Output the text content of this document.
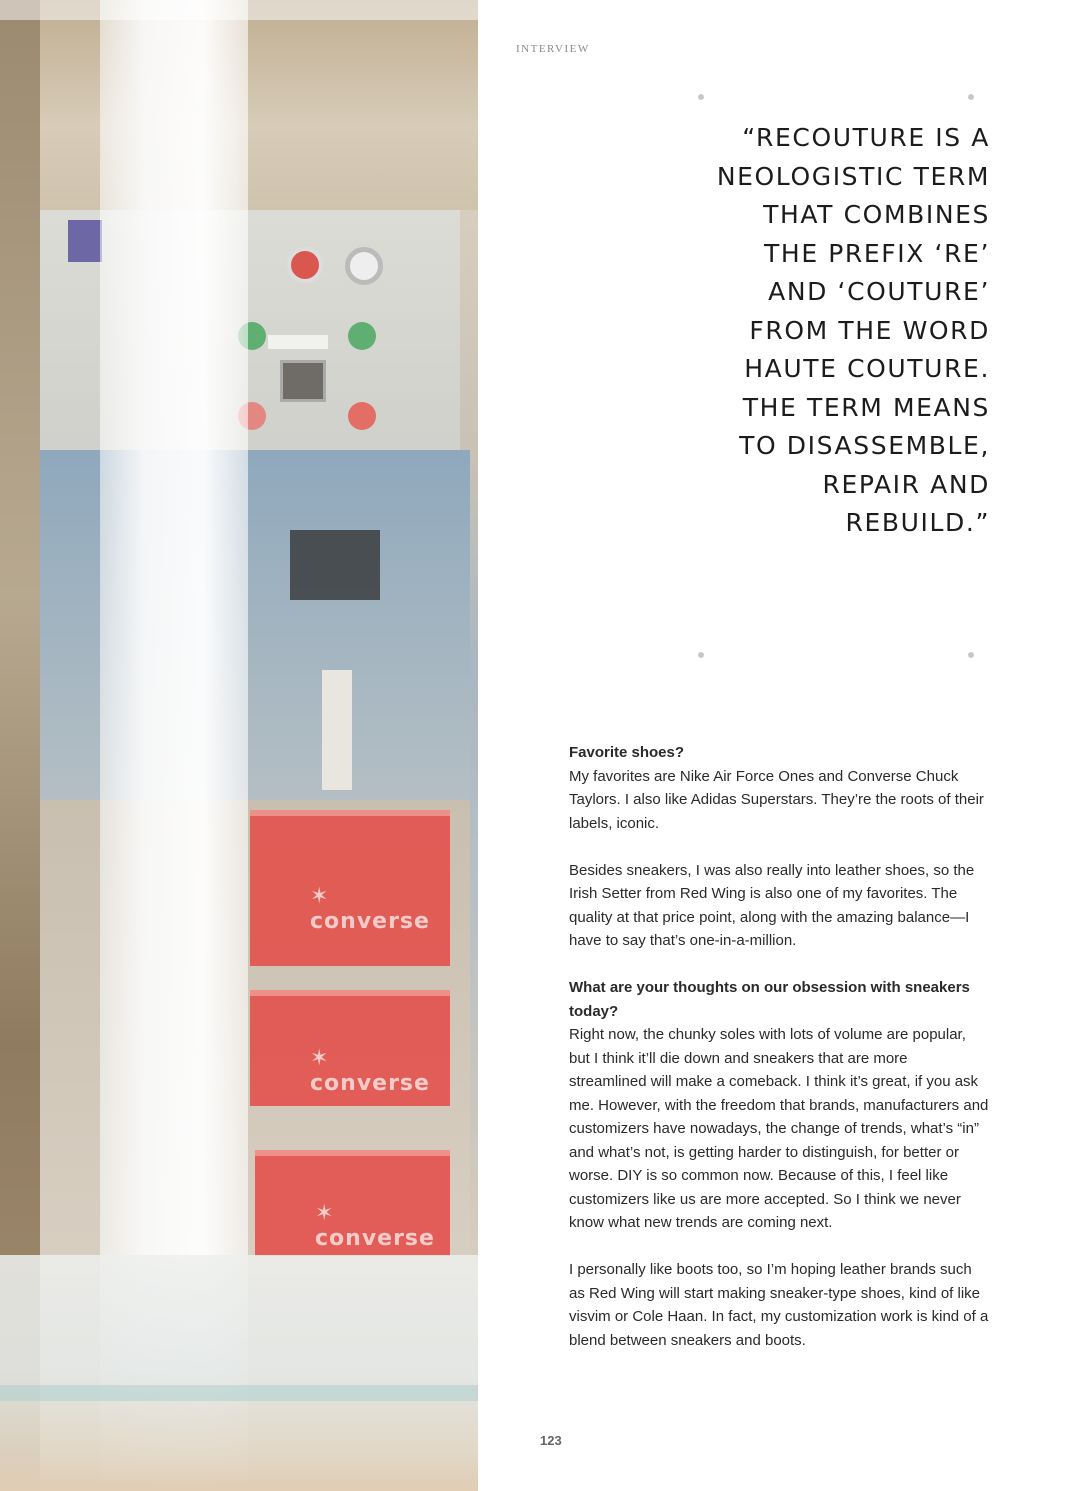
✶ converse
✶ converse
✶ converse
INTERVIEW
“RECOUTURE IS A NEOLOGISTIC TERM THAT COMBINES THE PREFIX ‘RE’ AND ‘COUTURE’ FROM THE WORD HAUTE COUTURE. THE TERM MEANS TO DISASSEMBLE, REPAIR AND REBUILD.”

Favorite shoes?
My favorites are Nike Air Force Ones and Converse Chuck Taylors. I also like Adidas Superstars. They’re the roots of their labels, iconic.

Besides sneakers, I was also really into leather shoes, so the Irish Setter from Red Wing is also one of my favorites. The quality at that price point, along with the amazing balance—I have to say that’s one-in-a-million.

What are your thoughts on our obsession with sneakers today?
Right now, the chunky soles with lots of volume are popular, but I think it’ll die down and sneakers that are more streamlined will make a comeback. I think it’s great, if you ask me. However, with the freedom that brands, manufacturers and customizers have nowadays, the change of trends, what’s “in” and what’s not, is getting harder to distinguish, for better or worse. DIY is so common now. Because of this, I feel like customizers like us are more accepted. So I think we never know what new trends are coming next.

I personally like boots too, so I’m hoping leather brands such as Red Wing will start making sneaker-type shoes, kind of like visvim or Cole Haan. In fact, my customization work is kind of a blend between sneakers and boots.

123
